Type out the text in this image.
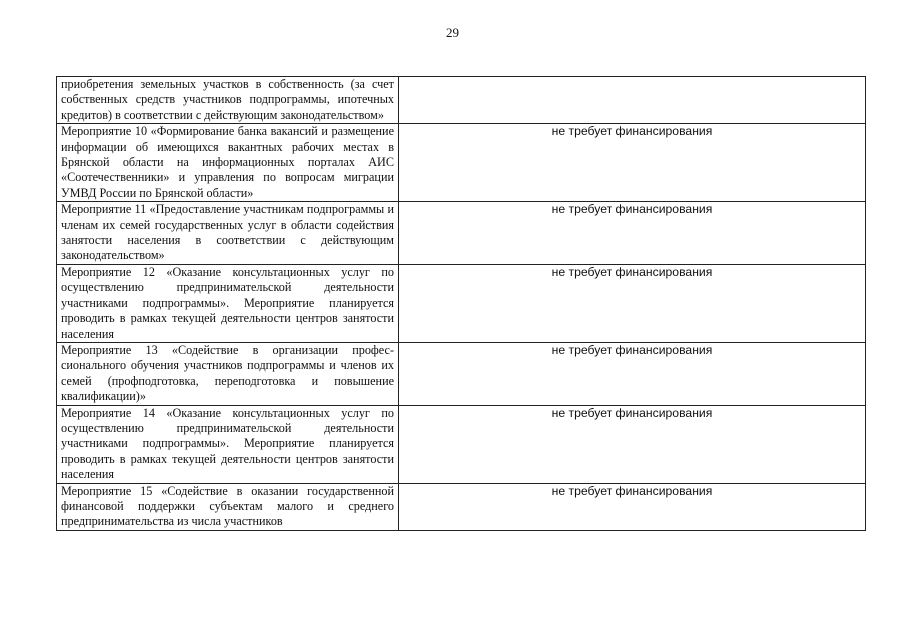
29
приобретения земельных участков в собственность (за счет собственных средств участников подпрограммы, ипотечных кредитов) в соответствии с действующим законодательством»	
Мероприятие 10 «Формирование банка вакансий и размещение информации об имеющихся вакантных рабочих местах в Брянской области на информационных порталах АИС «Соотечественники» и управления по вопросам миграции УМВД России по Брянской области»	не требует финансирования
Мероприятие 11 «Предоставление участникам подпрограммы и членам их семей государственных услуг в области содействия занятости населения в соответствии с действующим законодательством»	не требует финансирования
Мероприятие 12 «Оказание консультационных услуг по осуществлению предпринимательской деятельности участниками подпрограммы». Мероприятие планируется проводить в рамках текущей деятельности центров занятости населения	не требует финансирования
Мероприятие 13 «Содействие в организации профессионального обучения участников подпрограммы и членов их семей (профподготовка, переподготовка и повышение квалификации)»	не требует финансирования
Мероприятие 14 «Оказание консультационных услуг по осуществлению предпринимательской деятельности участниками подпрограммы». Мероприятие планируется проводить в рамках текущей деятельности центров занятости населения	не требует финансирования
Мероприятие 15 «Содействие в оказании государственной финансовой поддержки субъектам малого и среднего предпринимательства из числа участников	не требует финансирования
